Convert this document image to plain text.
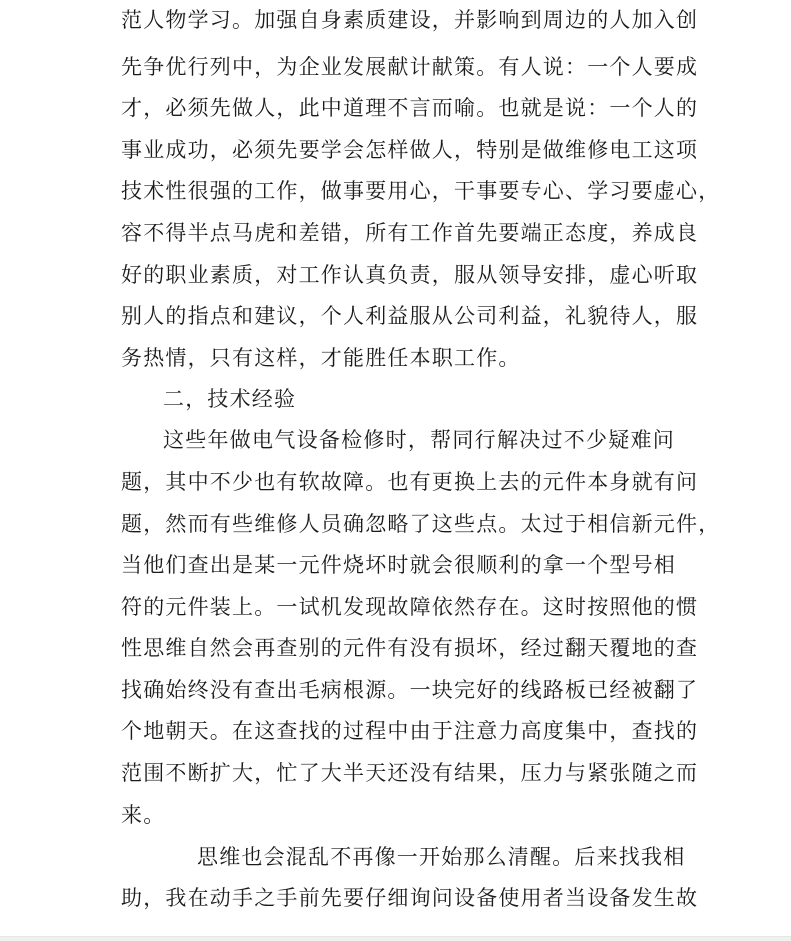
范人物学习。加强自身素质建设，并影响到周边的人加入创
先争优行列中，为企业发展献计献策。有人说：一个人要成
才，必须先做人，此中道理不言而喻。也就是说：一个人的
事业成功，必须先要学会怎样做人，特别是做维修电工这项
技术性很强的工作，做事要用心，干事要专心、学习要虚心，
容不得半点马虎和差错，所有工作首先要端正态度，养成良
好的职业素质，对工作认真负责，服从领导安排，虚心听取
别人的指点和建议，个人利益服从公司利益，礼貌待人，服
务热情，只有这样，才能胜任本职工作。
二，技术经验
这些年做电气设备检修时，帮同行解决过不少疑难问
题，其中不少也有软故障。也有更换上去的元件本身就有问
题，然而有些维修人员确忽略了这些点。太过于相信新元件，
当他们查出是某一元件烧坏时就会很顺利的拿一个型号相
符的元件装上。一试机发现故障依然存在。这时按照他的惯
性思维自然会再查别的元件有没有损坏，经过翻天覆地的查
找确始终没有查出毛病根源。一块完好的线路板已经被翻了
个地朝天。在这查找的过程中由于注意力高度集中，查找的
范围不断扩大，忙了大半天还没有结果，压力与紧张随之而
来。
思维也会混乱不再像一开始那么清醒。后来找我相
助，我在动手之手前先要仔细询问设备使用者当设备发生故
